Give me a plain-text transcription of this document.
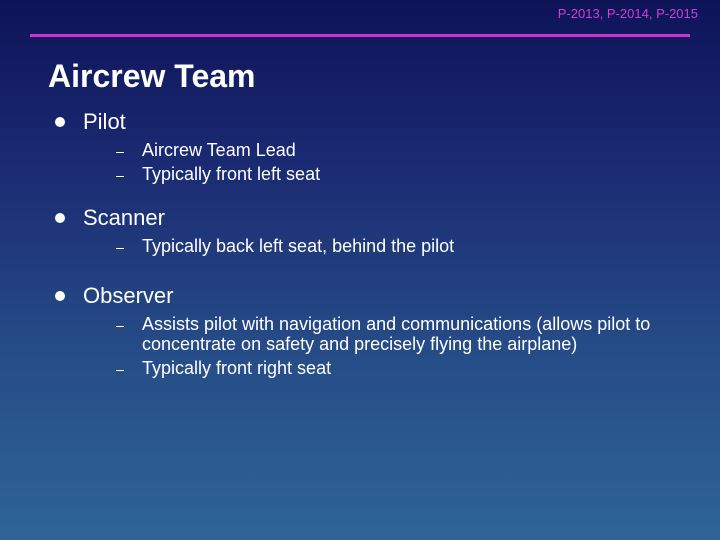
P-2013, P-2014, P-2015
Aircrew Team
Pilot
Aircrew Team Lead
Typically front left seat
Scanner
Typically back left seat, behind the pilot
Observer
Assists pilot with navigation and communications (allows pilot to concentrate on safety and precisely flying the airplane)
Typically front right seat
